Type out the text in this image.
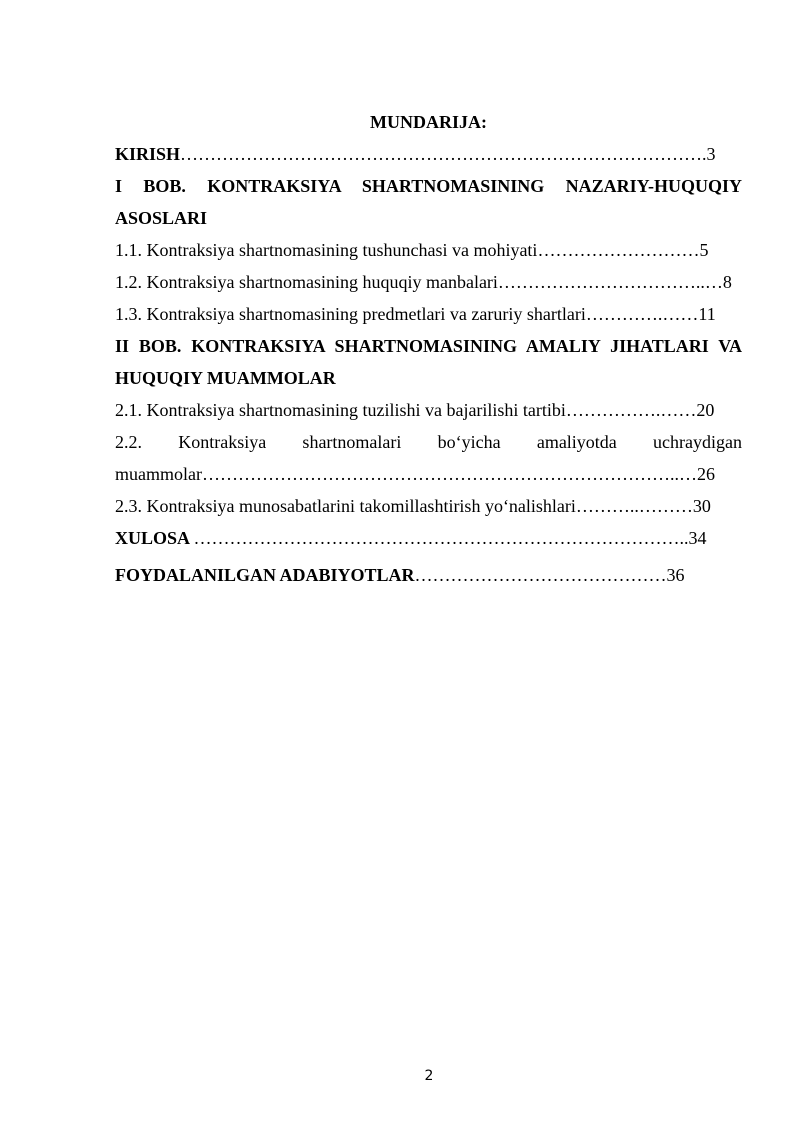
MUNDARIJA:
KIRISH…………………………………………………………………………….3
I BOB. KONTRAKSIYA SHARTNOMASINING NAZARIY-HUQUQIY
ASOSLARI
1.1. Kontraksiya shartnomasining tushunchasi va mohiyati………………………5
1.2. Kontraksiya shartnomasining huquqiy manbalari……………………………..…8
1.3. Kontraksiya shartnomasining predmetlari va zaruriy shartlari………….……11
II BOB. KONTRAKSIYA SHARTNOMASINING AMALIY JIHATLARI VA
HUQUQIY MUAMMOLAR
2.1. Kontraksiya shartnomasining tuzilishi va bajarilishi tartibi…………….……20
2.2. Kontraksiya shartnomalari bo‘yicha amaliyotda uchraydigan
muammolar……………………………………………………………………..…26
2.3. Kontraksiya munosabatlarini takomillashtirish yo‘nalishlari………..………30
XULOSA ………………………………………………………………………..34
FOYDALANILGAN ADABIYOTLAR……………………………………36
2
